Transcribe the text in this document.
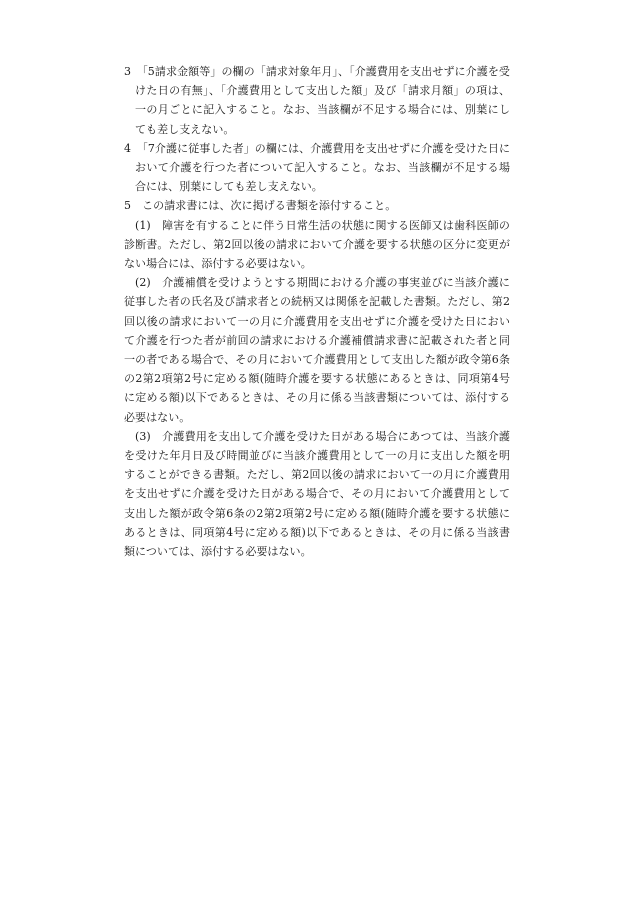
3　 「5請求金額等」の欄の「請求対象年月」、「介護費用を支出せずに介護を受けた日の有無」、「介護費用として支出した額」及び「請求月額」の項は、一の月ごとに記入すること。なお、当該欄が不足する場合には、別葉にしても差し支えない。

4　 「7介護に従事した者」の欄には、介護費用を支出せずに介護を受けた日において介護を行つた者について記入すること。なお、当該欄が不足する場合には、別葉にしても差し支えない。

5　 この請求書には、次に掲げる書類を添付すること。

(1)　 障害を有することに伴う日常生活の状態に関する医師又は歯科医師の診断書。ただし、第2回以後の請求において介護を要する状態の区分に変更がない場合には、添付する必要はない。

(2)　 介護補償を受けようとする期間における介護の事実並びに当該介護に従事した者の氏名及び請求者との続柄又は関係を記載した書類。ただし、第2回以後の請求において一の月に介護費用を支出せずに介護を受けた日において介護を行つた者が前回の請求における介護補償請求書に記載された者と同一の者である場合で、その月において介護費用として支出した額が政令第6条の2第2項第2号に定める額(随時介護を要する状態にあるときは、同項第4号に定める額)以下であるときは、その月に係る当該書類については、添付する必要はない。

(3)　 介護費用を支出して介護を受けた日がある場合にあつては、当該介護を受けた年月日及び時間並びに当該介護費用として一の月に支出した額を明することができる書類。ただし、第2回以後の請求において一の月に介護費用を支出せずに介護を受けた日がある場合で、その月において介護費用として支出した額が政令第6条の2第2項第2号に定める額(随時介護を要する状態にあるときは、同項第4号に定める額)以下であるときは、その月に係る当該書類については、添付する必要はない。
